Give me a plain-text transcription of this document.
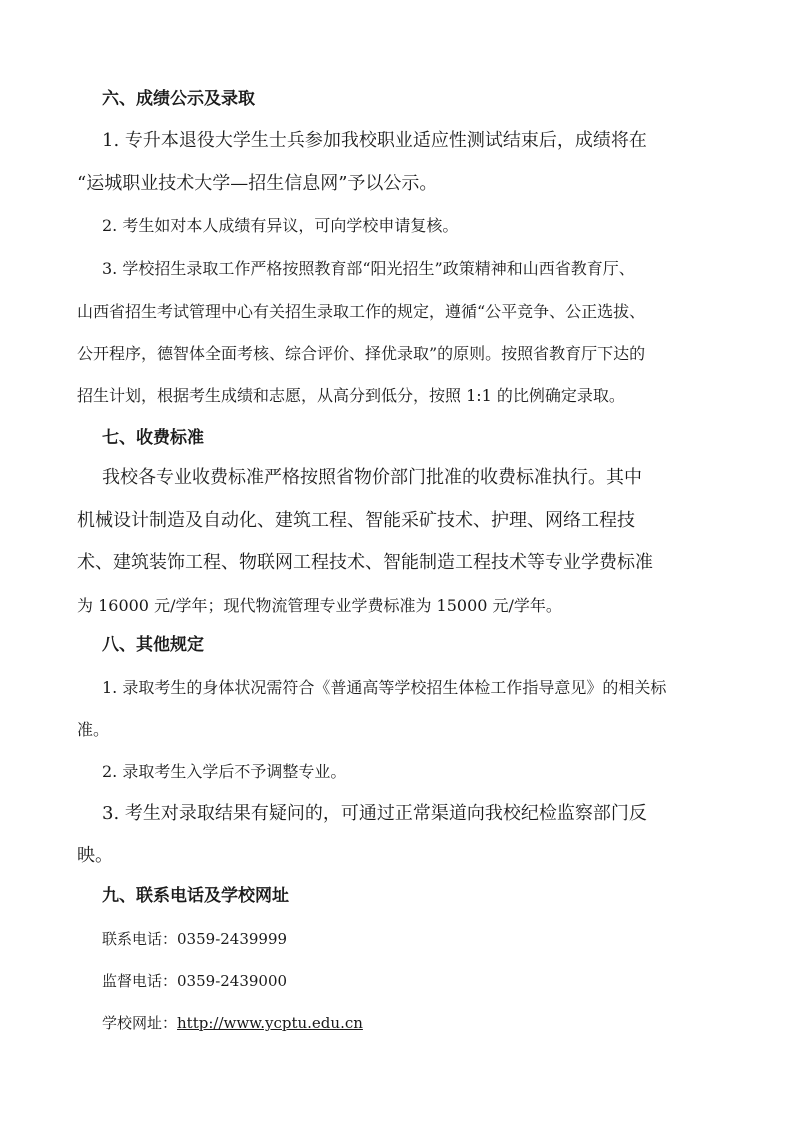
六、成绩公示及录取
1. 专升本退役大学生士兵参加我校职业适应性测试结束后，成绩将在
“运城职业技术大学—招生信息网”予以公示。
2. 考生如对本人成绩有异议，可向学校申请复核。
3. 学校招生录取工作严格按照教育部“阳光招生”政策精神和山西省教育厅、
山西省招生考试管理中心有关招生录取工作的规定，遵循“公平竞争、公正选拔、
公开程序，德智体全面考核、综合评价、择优录取”的原则。按照省教育厅下达的
招生计划，根据考生成绩和志愿，从高分到低分，按照 1:1 的比例确定录取。
七、收费标准
我校各专业收费标准严格按照省物价部门批准的收费标准执行。其中
机械设计制造及自动化、建筑工程、智能采矿技术、护理、网络工程技
术、建筑装饰工程、物联网工程技术、智能制造工程技术等专业学费标准
为 16000 元/学年；现代物流管理专业学费标准为 15000 元/学年。
八、其他规定
1. 录取考生的身体状况需符合《普通高等学校招生体检工作指导意见》的相关标
准。
2. 录取考生入学后不予调整专业。
3. 考生对录取结果有疑问的，可通过正常渠道向我校纪检监察部门反
映。
九、联系电话及学校网址
联系电话：0359-2439999
监督电话：0359-2439000
学校网址：http://www.ycptu.edu.cn
